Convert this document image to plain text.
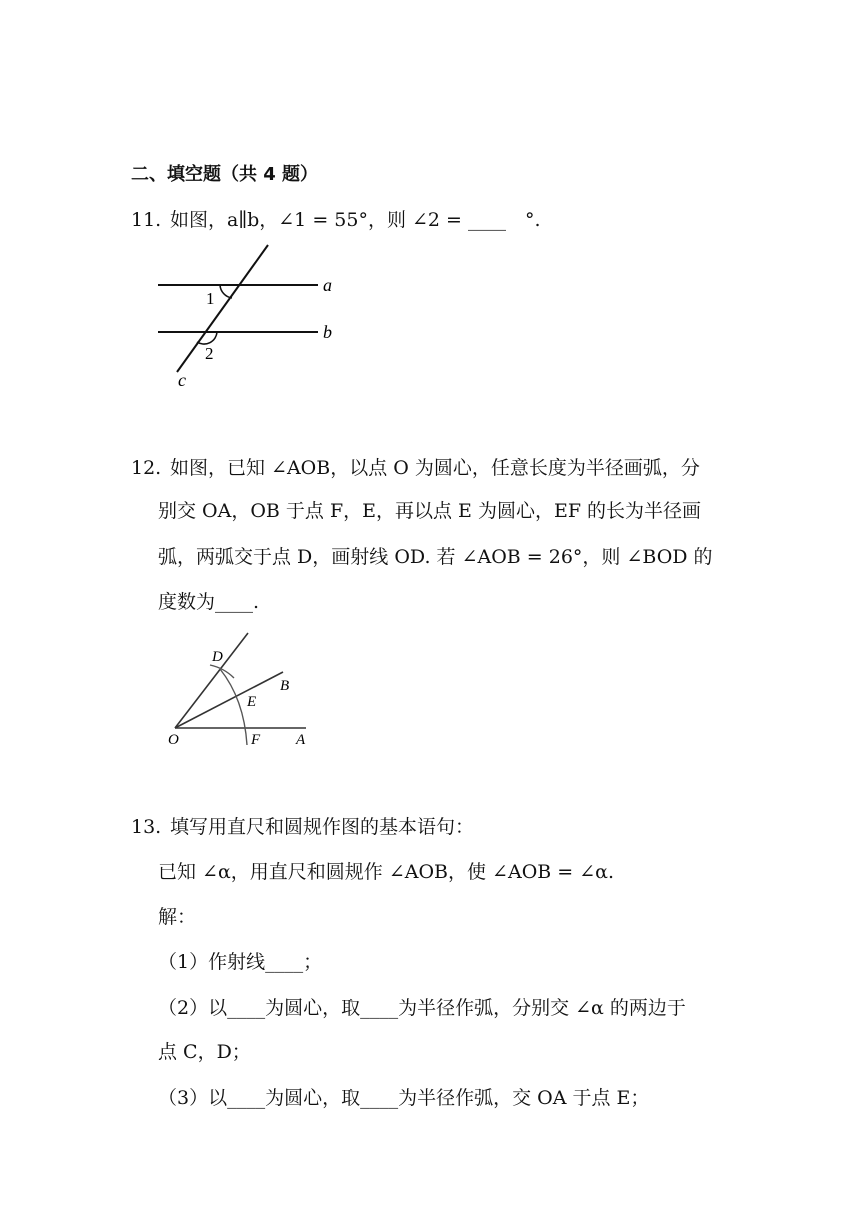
二、填空题（共 4 题）
11. 如图，a∥b，∠1 = 55°，则 ∠2 = ____　°.
a
b
c
1
2
12. 如图，已知 ∠AOB，以点 O 为圆心，任意长度为半径画弧，分
别交 OA，OB 于点 F，E，再以点 E 为圆心，EF 的长为半径画
弧，两弧交于点 D，画射线 OD. 若 ∠AOB = 26°，则 ∠BOD 的
度数为____.
D
B
E
O	F A
13. 填写用直尺和圆规作图的基本语句：
已知 ∠α，用直尺和圆规作 ∠AOB，使 ∠AOB = ∠α.
解：
（1）作射线____；
（2）以____为圆心，取____为半径作弧，分别交 ∠α 的两边于
点 C，D；
（3）以____为圆心，取____为半径作弧，交 OA 于点 E；
